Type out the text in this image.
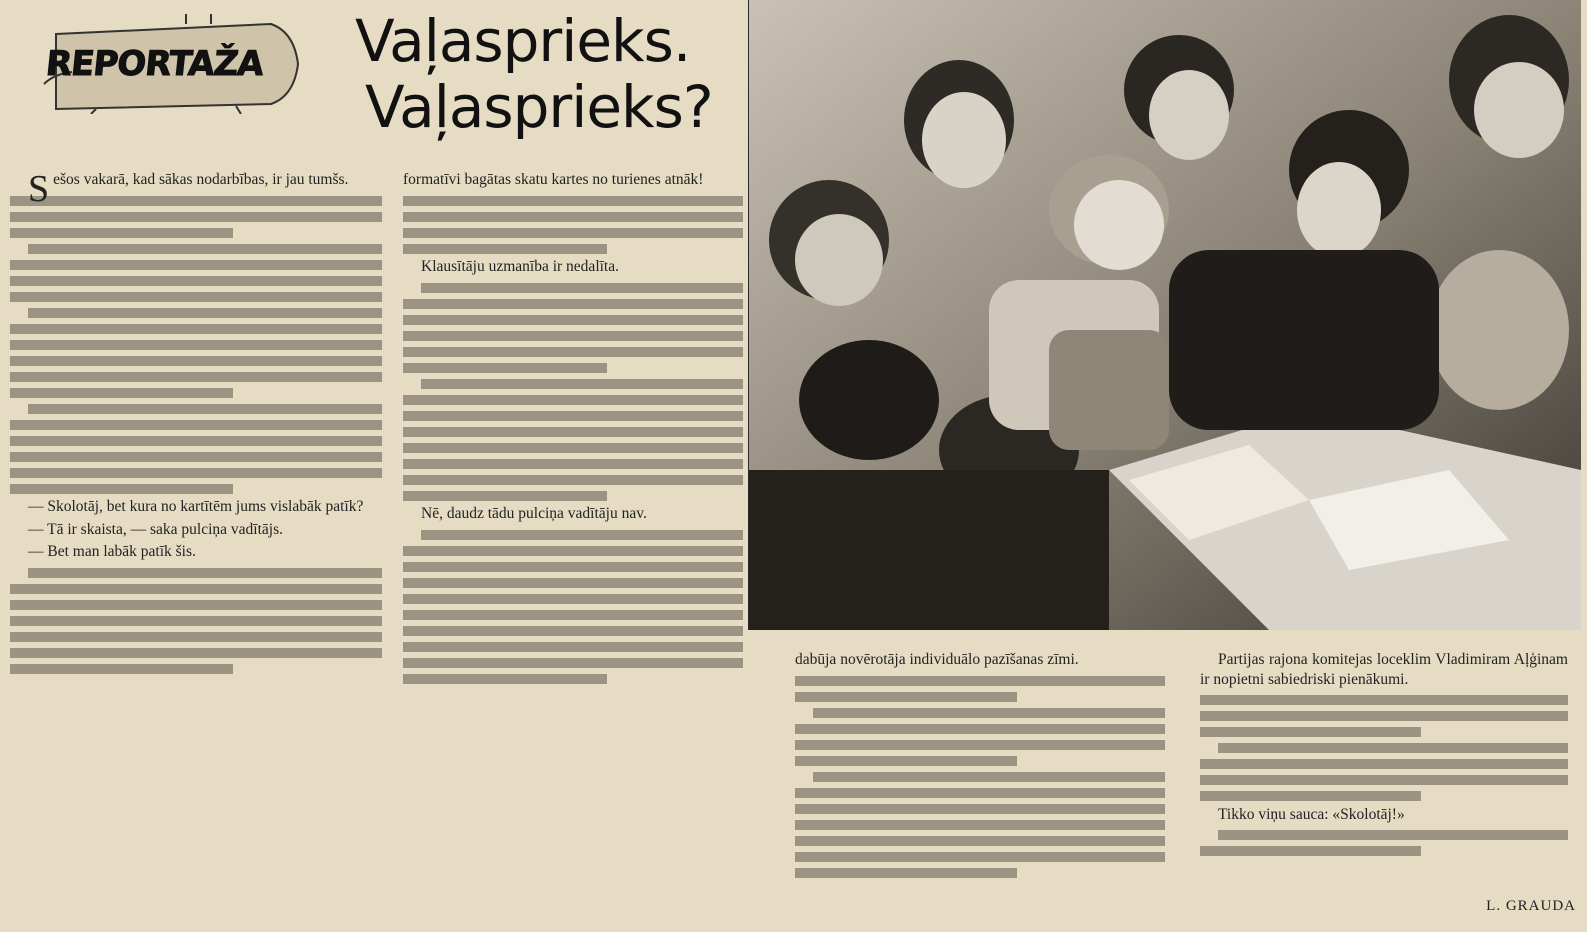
REPORTAŽA Vaļasprieks.
Vaļasprieks?

Sešos vakarā, kad sākas nodarbības, ir jau tumšs.

— Skolotāj, bet kura no kartītēm jums vislabāk patīk?

— Tā ir skaista, — saka pulciņa vadītājs.

— Bet man labāk patīk šis.

formatīvi bagātas skatu kartes no turienes atnāk!

Klausītāju uzmanība ir nedalīta.

Nē, daudz tādu pulciņa vadītāju nav.

dabūja novērotāja individuālo pazīšanas zīmi.	Partijas rajona komitejas loceklim Vladimiram Aļģinam ir nopietni sabiedriski pienākumi.

Tikko viņu sauca: «Skolotāj!»

L. GRAUDA
